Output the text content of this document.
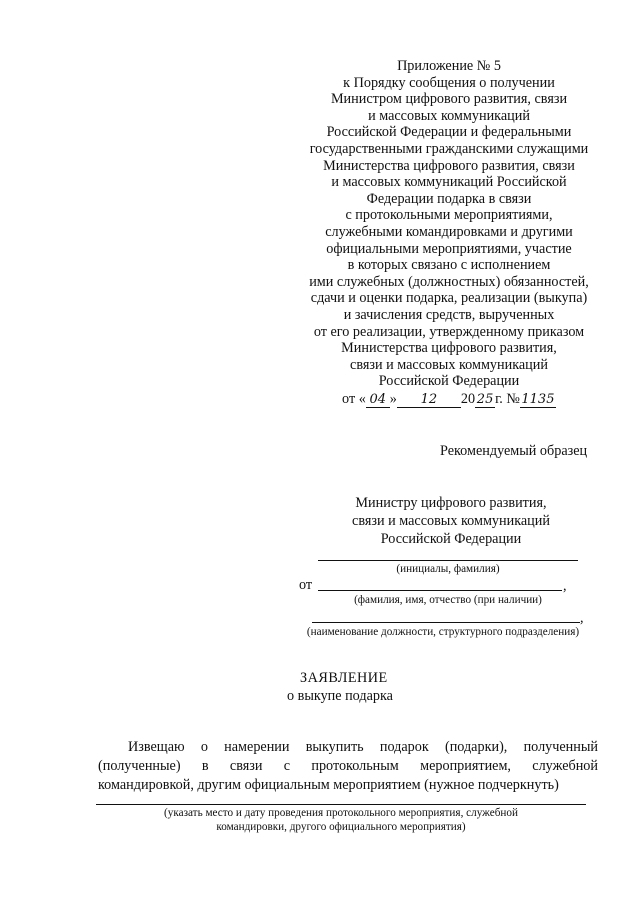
Приложение № 5
к Порядку сообщения о получении
Министром цифрового развития, связи
и массовых коммуникаций
Российской Федерации и федеральными
государственными гражданскими служащими
Министерства цифрового развития, связи
и массовых коммуникаций Российской
Федерации подарка в связи
с протокольными мероприятиями,
служебными командировками и другими
официальными мероприятиями, участие
в которых связано с исполнением
ими служебных (должностных) обязанностей,
сдачи и оценки подарка, реализации (выкупа)
и зачисления средств, вырученных
от его реализации, утвержденному приказом
Министерства цифрового развития,
связи и массовых коммуникаций
Российской Федерации
от « 04 » 12 20 25 г. №1135
Рекомендуемый образец
Министру цифрового развития,
связи и массовых коммуникаций
Российской Федерации
(инициалы, фамилия)
от	,
(фамилия, имя, отчество (при наличии)
,
(наименование должности, структурного подразделения)
ЗАЯВЛЕНИЕ
о выкупе подарка
Извещаю о намерении выкупить подарок (подарки), полученный
(полученные) в связи с протокольным мероприятием, служебной
командировкой, другим официальным мероприятием (нужное подчеркнуть)
(указать место и дату проведения протокольного мероприятия, служебной
командировки, другого официального мероприятия)
